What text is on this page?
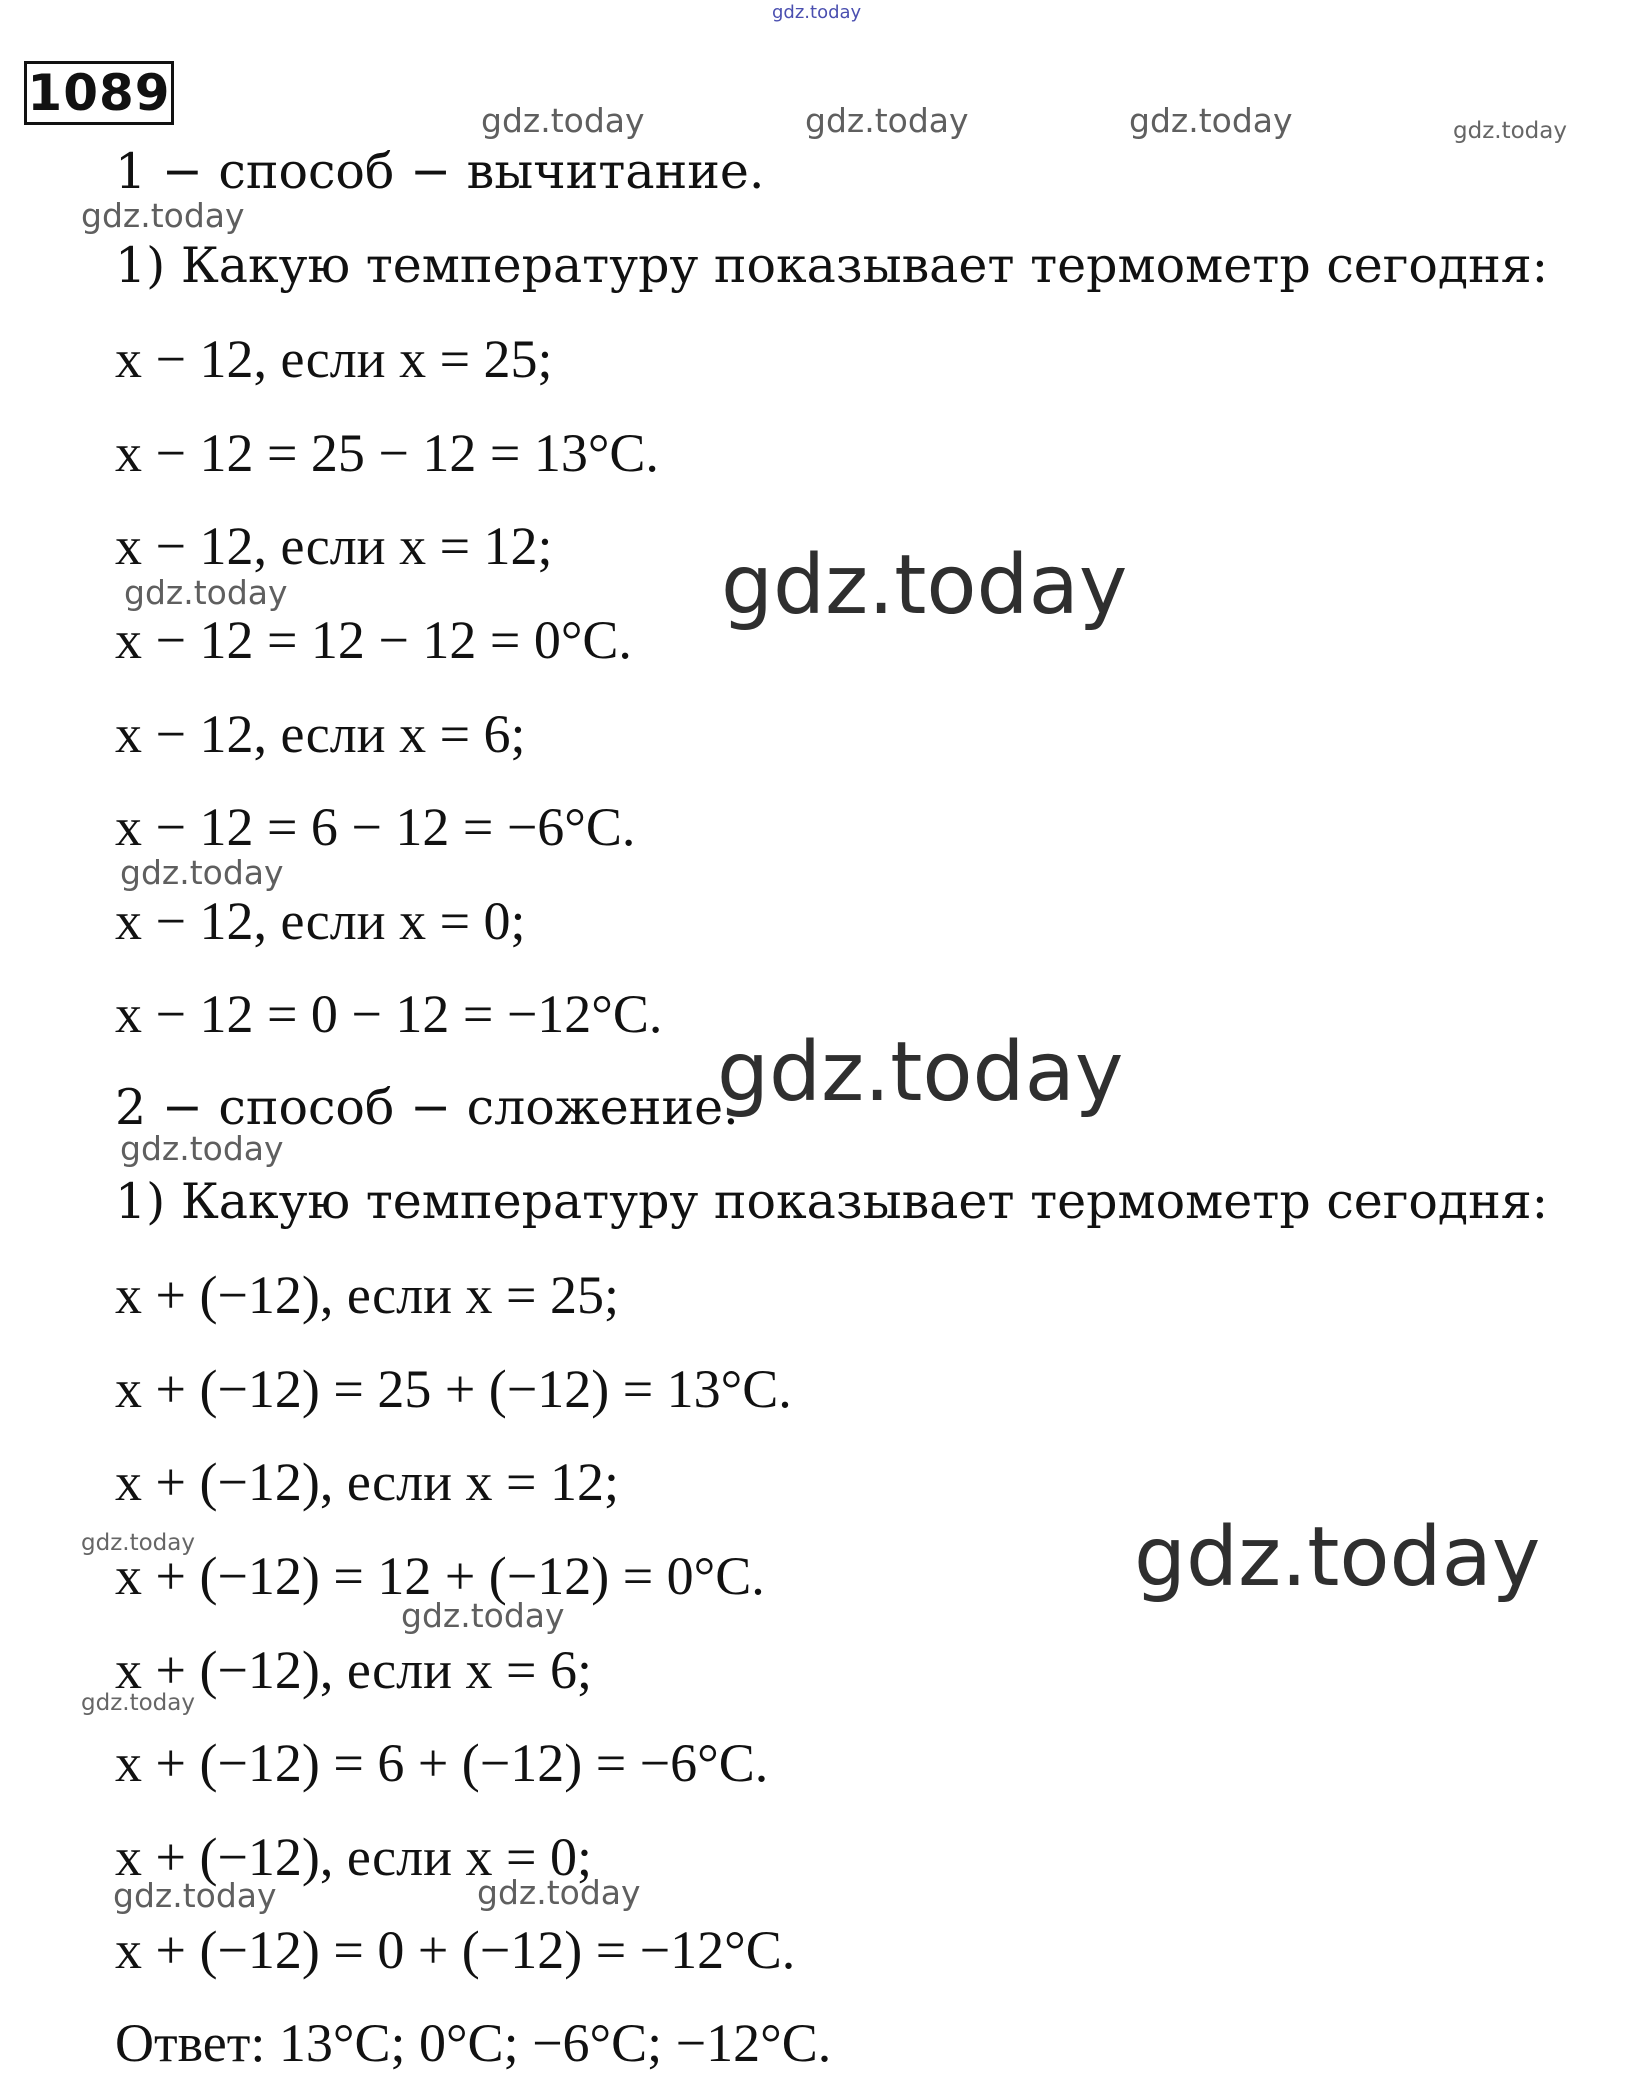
1089
1 − способ − вычитание.
1) Какую температуру показывает термометр сегодня:
x − 12, если x = 25;
x − 12 = 25 − 12 = 13°C.
x − 12, если x = 12;
x − 12 = 12 − 12 = 0°C.
x − 12, если x = 6;
x − 12 = 6 − 12 = −6°C.
x − 12, если x = 0;
x − 12 = 0 − 12 = −12°C.
2 − способ − сложение.
1) Какую температуру показывает термометр сегодня:
x + (−12), если x = 25;
x + (−12) = 25 + (−12) = 13°C.
x + (−12), если x = 12;
x + (−12) = 12 + (−12) = 0°C.
x + (−12), если x = 6;
x + (−12) = 6 + (−12) = −6°C.
x + (−12), если x = 0;
x + (−12) = 0 + (−12) = −12°C.
Ответ: 13°C; 0°C; −6°C; −12°C.
gdz.today
gdz.today	gdz.today	gdz.today	gdz.today
gdz.today
gdz.today
gdz.today
gdz.today
gdz.today
gdz.today
gdz.today	gdz.today
gdz.today
gdz.today
gdz.today	gdz.today
